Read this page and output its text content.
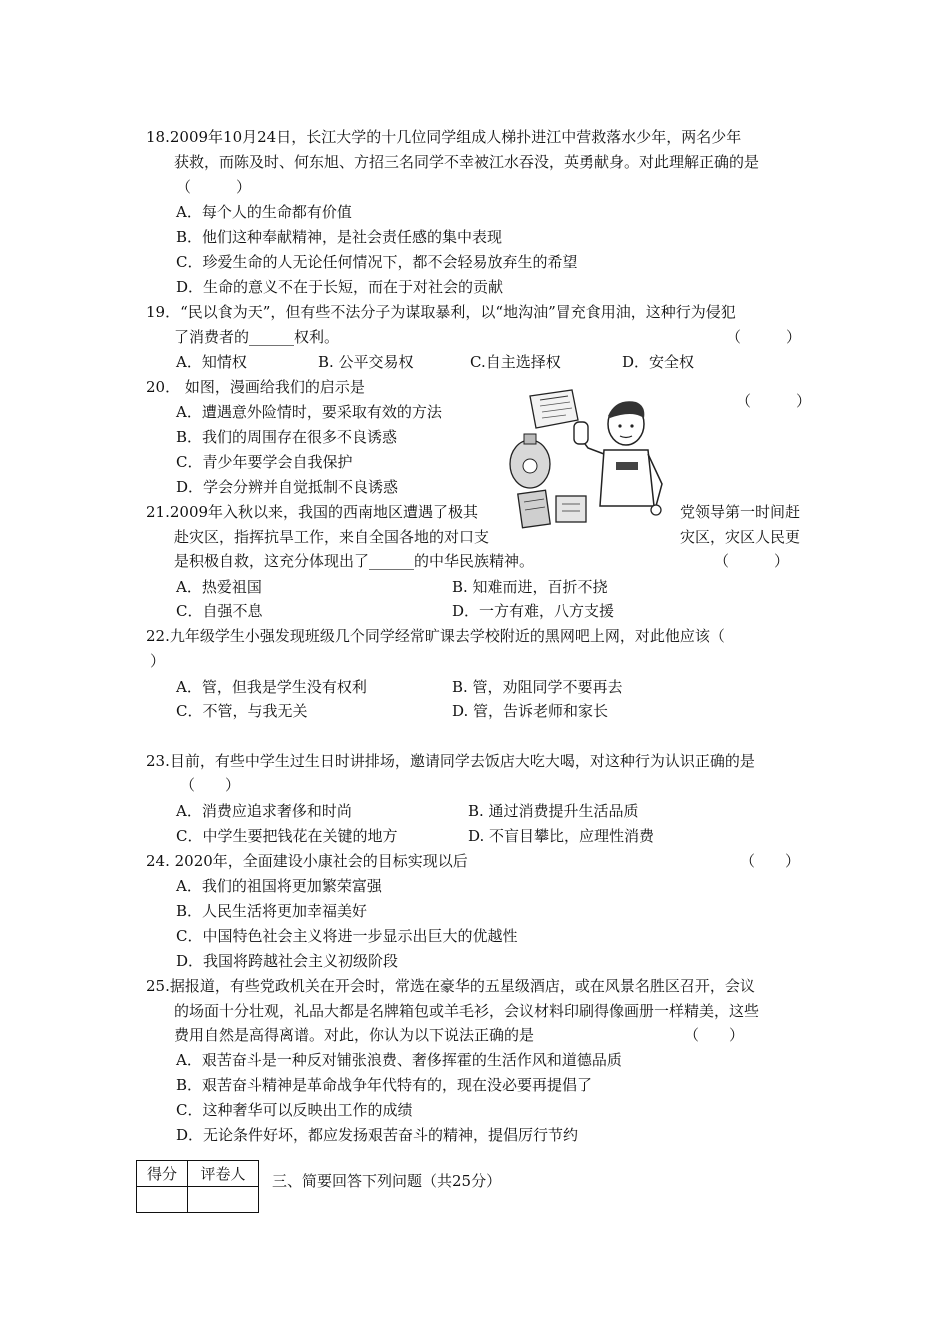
18.2009年10月24日，长江大学的十几位同学组成人梯扑进江中营救落水少年，两名少年
获救，而陈及时、何东旭、方招三名同学不幸被江水吞没，英勇献身。对此理解正确的是
（　　　）
A．每个人的生命都有价值
B．他们这种奉献精神，是社会责任感的集中表现
C．珍爱生命的人无论任何情况下，都不会轻易放弃生的希望
D．生命的意义不在于长短，而在于对社会的贡献
19．“民以食为天”，但有些不法分子为谋取暴利，以“地沟油”冒充食用油，这种行为侵犯
了消费者的______权利。	（　　　）
A．知情权	B. 公平交易权	C.自主选择权	D．安全权
20． 如图，漫画给我们的启示是
（　　　）
A．遭遇意外险情时，要采取有效的方法
B．我们的周围存在很多不良诱惑
C．青少年要学会自我保护
D．学会分辨并自觉抵制不良诱惑
21.2009年入秋以来，我国的西南地区遭遇了极其	党领导第一时间赶
赴灾区，指挥抗旱工作，来自全国各地的对口支	灾区，灾区人民更
是积极自救，这充分体现出了______的中华民族精神。	（　　　）
A．热爱祖国	B. 知难而进，百折不挠
C．自强不息	D．一方有难，八方支援
22.九年级学生小强发现班级几个同学经常旷课去学校附近的黑网吧上网，对此他应该（
）
A．管，但我是学生没有权利	B. 管，劝阻同学不要再去
C．不管，与我无关	D. 管，告诉老师和家长
23.目前，有些中学生过生日时讲排场，邀请同学去饭店大吃大喝，对这种行为认识正确的是
（　　）
A．消费应追求奢侈和时尚	B. 通过消费提升生活品质
C．中学生要把钱花在关键的地方	D. 不盲目攀比，应理性消费
24. 2020年，全面建设小康社会的目标实现以后	（　　）
A．我们的祖国将更加繁荣富强
B．人民生活将更加幸福美好
C．中国特色社会主义将进一步显示出巨大的优越性
D．我国将跨越社会主义初级阶段
25.据报道，有些党政机关在开会时，常选在豪华的五星级酒店，或在风景名胜区召开，会议
的场面十分壮观，礼品大都是名牌箱包或羊毛衫，会议材料印刷得像画册一样精美，这些
费用自然是高得离谱。对此，你认为以下说法正确的是	（　　）
A．艰苦奋斗是一种反对铺张浪费、奢侈挥霍的生活作风和道德品质
B．艰苦奋斗精神是革命战争年代特有的，现在没必要再提倡了
C．这种奢华可以反映出工作的成绩
D．无论条件好坏，都应发扬艰苦奋斗的精神，提倡厉行节约
得分	评卷人
	三、简要回答下列问题（共25分）
